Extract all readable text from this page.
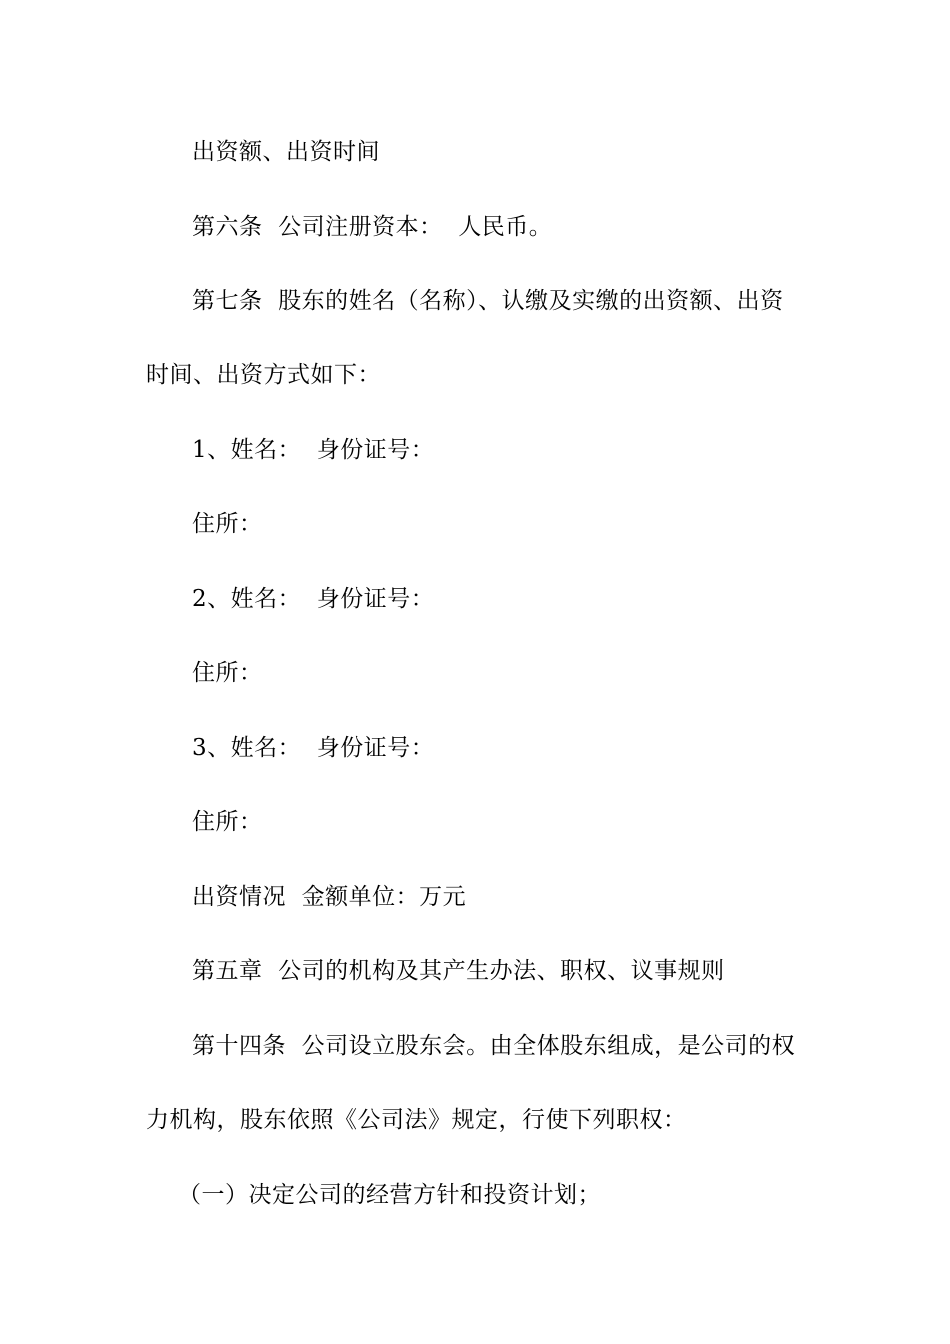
出资额、出资时间
第六条  公司注册资本：  人民币。
第七条  股东的姓名（名称）、认缴及实缴的出资额、出资
时间、出资方式如下：
1、姓名：  身份证号：
住所：
2、姓名：  身份证号：
住所：
3、姓名：  身份证号：
住所：
出资情况  金额单位：万元
第五章  公司的机构及其产生办法、职权、议事规则
第十四条  公司设立股东会。由全体股东组成，是公司的权
力机构，股东依照《公司法》规定，行使下列职权：
（一）决定公司的经营方针和投资计划；
